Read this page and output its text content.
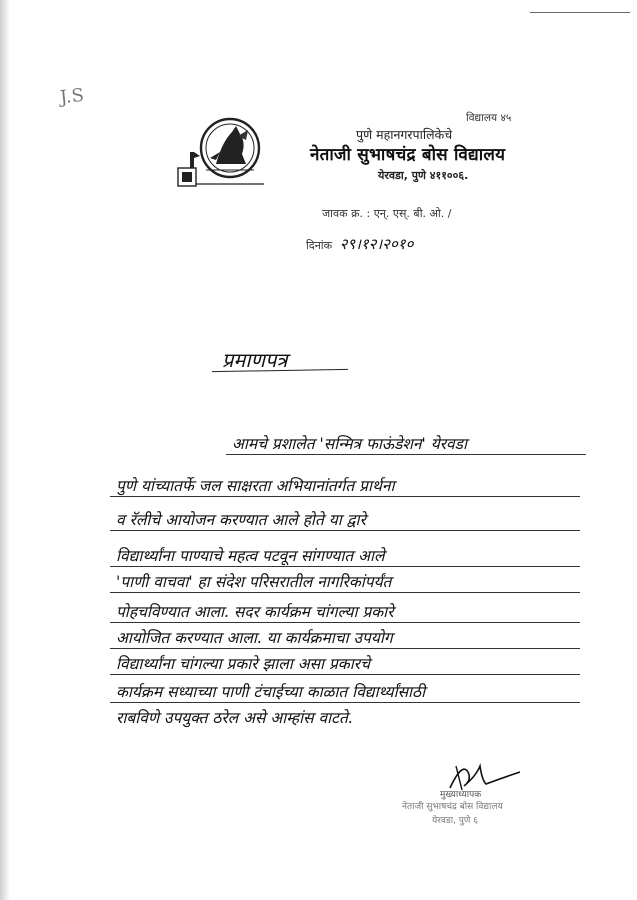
J.S
विद्यालय ४५
पुणे महानगरपालिकेचे
नेताजी सुभाषचंद्र बोस विद्यालय
येरवडा, पुणे ४११००६.
जावक क्र. : एन्. एस्. बी. ओ. /
दिनांक २९।१२।२०१०
प्रमाणपत्र
आमचे प्रशालेत 'सन्मित्र फाऊंडेशन' येरवडा
पुणे यांच्यातर्फे जल साक्षरता अभियानांतर्गत प्रार्थना
व रॅलीचे आयोजन करण्यात आले होते या द्वारे
विद्यार्थ्यांना पाण्याचे महत्व पटवून सांगण्यात आले
'पाणी वाचवा' हा संदेश परिसरातील नागरिकांपर्यंत
पोहचविण्यात आला. सदर कार्यक्रम चांगल्या प्रकारे
आयोजित करण्यात आला. या कार्यक्रमाचा उपयोग
विद्यार्थ्यांना चांगल्या प्रकारे झाला असा प्रकारचे
कार्यक्रम सध्याच्या पाणी टंचाईच्या काळात विद्यार्थ्यांसाठी
राबविणे उपयुक्त ठरेल असे आम्हांस वाटते.
मुख्याध्यापक
नेताजी सुभाषचंद्र बोस विद्यालय
येरवडा, पुणे ६
